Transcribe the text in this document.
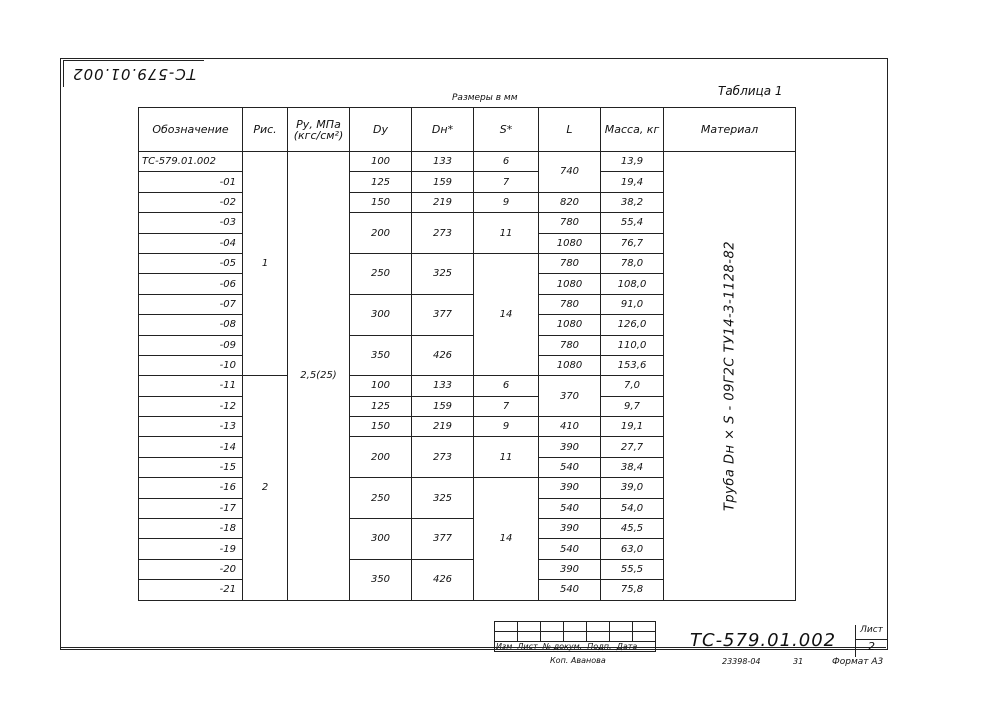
ТС-579.01.002
Таблица 1
Размеры в мм
Обозначение	Рис.	Ру, МПа (кгс/см²)	Dу	Dн*	S*	L	Масса, кг	Материал
ТС-579.01.002	1	2,5(25)	100	133	6	740	13,9	Труба Dн × S - 09Г2С ТУ14-3-1128-82

-01			125	159	7		19,4	
-02			150	219	9	820	38,2	
-03			200	273	11	780	55,4	
-04						1080	76,7	
-05			250	325	14	780	78,0	
-06						1080	108,0	
-07			300	377		780	91,0	
-08						1080	126,0	
-09			350	426		780	110,0	
-10						1080	153,6	
-11	2		100	133	6	370	7,0	
-12			125	159	7		9,7	
-13			150	219	9	410	19,1	
-14			200	273	11	390	27,7	
-15						540	38,4	
-16			250	325	14	390	39,0	
-17						540	54,0	
-18			300	377		390	45,5	
-19						540	63,0	
-20			350	426		390	55,5	
-21						540	75,8	

Коп. Аванова
ТС-579.01.002	Лист
2
23398-04	31	Формат А3
